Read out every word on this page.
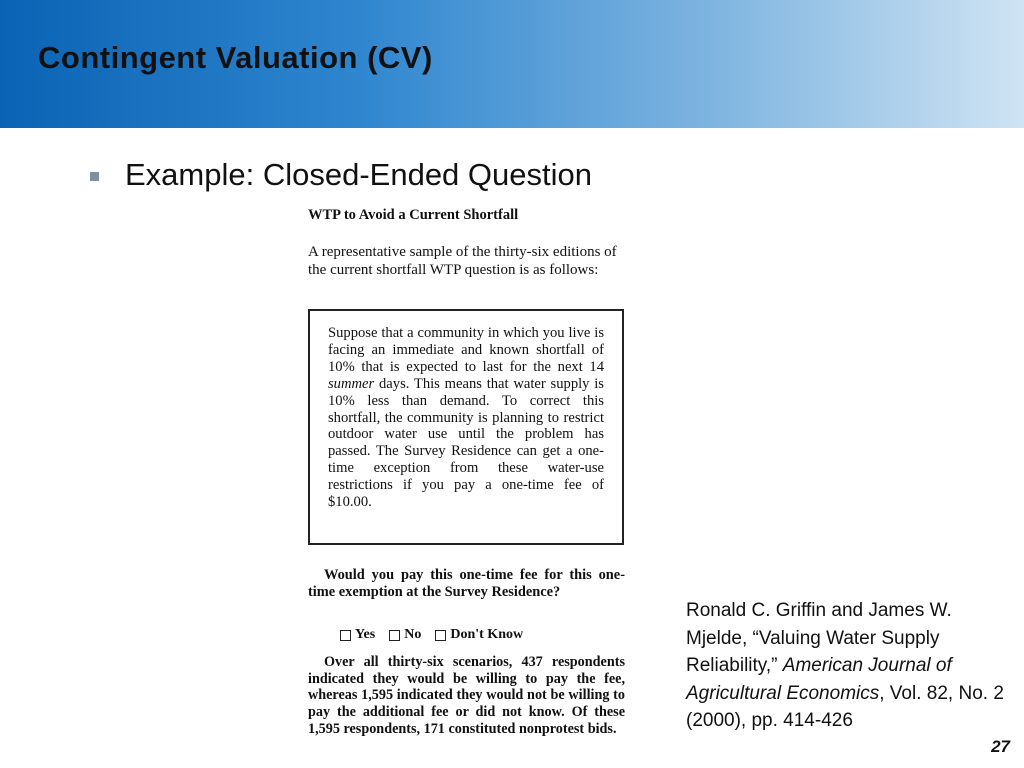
Contingent Valuation (CV)
Example: Closed-Ended Question
WTP to Avoid a Current Shortfall
A representative sample of the thirty-six editions of the current shortfall WTP question is as follows:
Suppose that a community in which you live is facing an immediate and known shortfall of 10% that is expected to last for the next 14 summer days. This means that water supply is 10% less than demand. To correct this shortfall, the community is planning to restrict outdoor water use until the problem has passed. The Survey Residence can get a one-time exception from these water-use restrictions if you pay a one-time fee of $10.00.
Would you pay this one-time fee for this one-time exemption at the Survey Residence?
Yes No Don't Know
Over all thirty-six scenarios, 437 respondents indicated they would be willing to pay the fee, whereas 1,595 indicated they would not be willing to pay the additional fee or did not know. Of these 1,595 respondents, 171 constituted nonprotest bids.
Ronald C. Griffin and James W. Mjelde, “Valuing Water Supply Reliability,” American Journal of Agricultural Economics, Vol. 82, No. 2 (2000), pp. 414-426
27
